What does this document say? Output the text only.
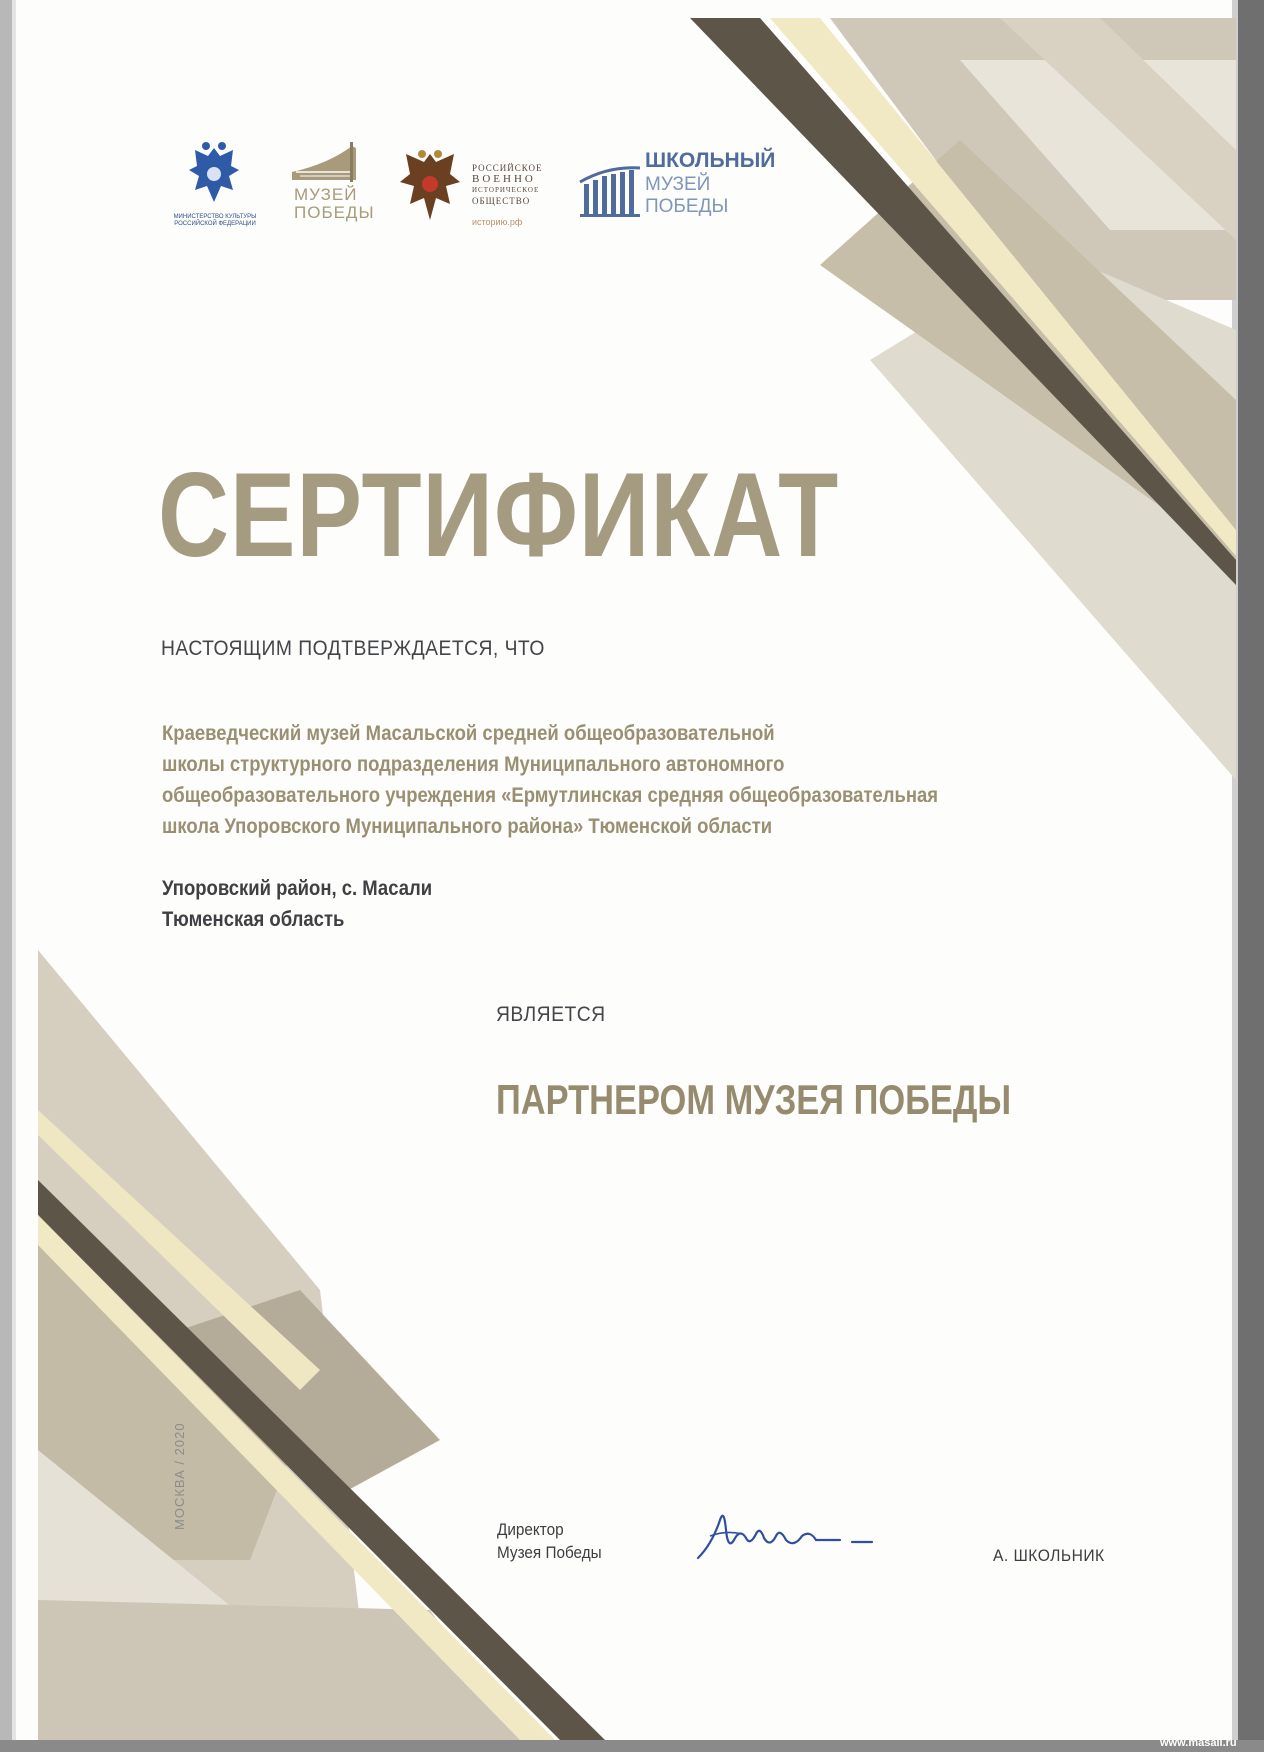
МИНИСТЕРСТВО КУЛЬТУРЫ
РОССИЙСКОЙ ФЕДЕРАЦИИ
МУЗЕЙ
ПОБЕДЫ
РОССИЙСКОЕ
ВОЕННО
ИСТОРИЧЕСКОЕ
ОБЩЕСТВО
историю.рф
ШКОЛЬНЫЙ
МУЗЕЙ
ПОБЕДЫ
СЕРТИФИКАТ
НАСТОЯЩИМ ПОДТВЕРЖДАЕТСЯ, ЧТО
Краеведческий музей Масальской средней общеобразовательной
школы структурного подразделения Муниципального автономного
общеобразовательного учреждения «Ермутлинская средняя общеобразовательная
школа Упоровского Муниципального района» Тюменской области
Упоровский район, с. Масали
Тюменская область
ЯВЛЯЕТСЯ
ПАРТНЕРОМ МУЗЕЯ ПОБЕДЫ
МОСКВА / 2020	Директор
Музея Победы	А. ШКОЛЬНИК
www.masali.ru
